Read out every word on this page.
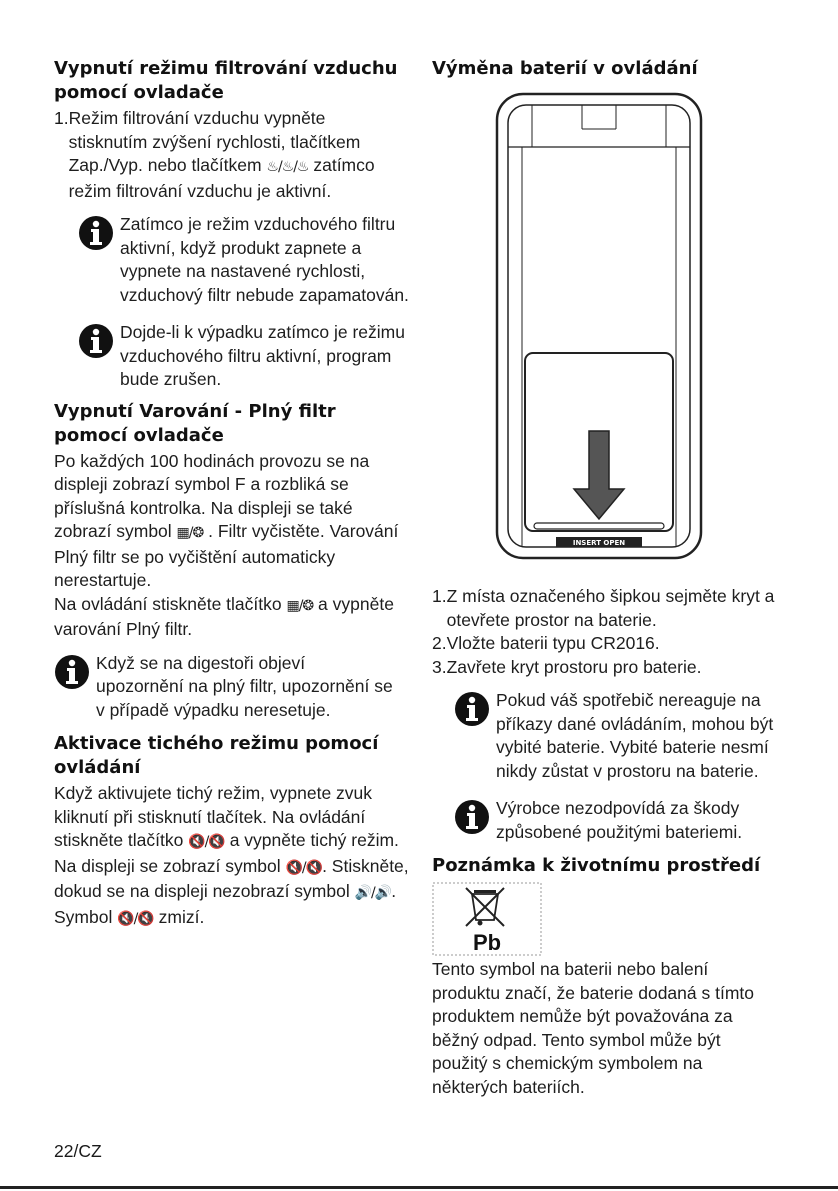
Vypnutí režimu filtrování vzduchu pomocí ovladače
1. Režim filtrování vzduchu vypněte stisknutím zvýšení rychlosti, tlačítkem Zap./Vyp. nebo tlačítkem ♨/♨/♨ zatímco režim filtrování vzduchu je aktivní.

Zatímco je režim vzduchového filtru aktivní, když produkt zapnete a vypnete na nastavené rychlosti, vzduchový filtr nebude zapamatován.

Dojde-li k výpadku zatímco je režimu vzduchového filtru aktivní, program bude zrušen.

Vypnutí Varování - Plný filtr pomocí ovladače

Po každých 100 hodinách provozu se na displeji zobrazí symbol F a rozbliká se příslušná kontrolka. Na displeji se také zobrazí symbol ▦/❂ . Filtr vyčistěte. Varování Plný filtr se po vyčištění automaticky nerestartuje.

Na ovládání stiskněte tlačítko ▦/❂ a vypněte varování Plný filtr.

Když se na digestoři objeví upozornění na plný filtr, upozornění se v případě výpadku neresetuje.

Aktivace tichého režimu pomocí ovládání

Když aktivujete tichý režim, vypnete zvuk kliknutí při stisknutí tlačítek. Na ovládání stiskněte tlačítko 🔇/🔇 a vypněte tichý režim. Na displeji se zobrazí symbol 🔇/🔇. Stiskněte, dokud se na displeji nezobrazí symbol 🔊/🔊. Symbol 🔇/🔇 zmizí.

Výměna baterií v ovládání
INSERT OPEN
1. Z místa označeného šipkou sejměte kryt a otevřete prostor na baterie.
2. Vložte baterii typu CR2016.
3. Zavřete kryt prostoru pro baterie.

Pokud váš spotřebič nereaguje na příkazy dané ovládáním, mohou být vybité baterie. Vybité baterie nesmí nikdy zůstat v prostoru na baterie.

Výrobce nezodpovídá za škody způsobené použitými bateriemi.

Poznámka k životnímu prostředí
Pb

Tento symbol na baterii nebo balení produktu značí, že baterie dodaná s tímto produktem nemůže být považována za běžný odpad. Tento symbol může být použitý s chemickým symbolem na některých bateriích.

22/CZ
